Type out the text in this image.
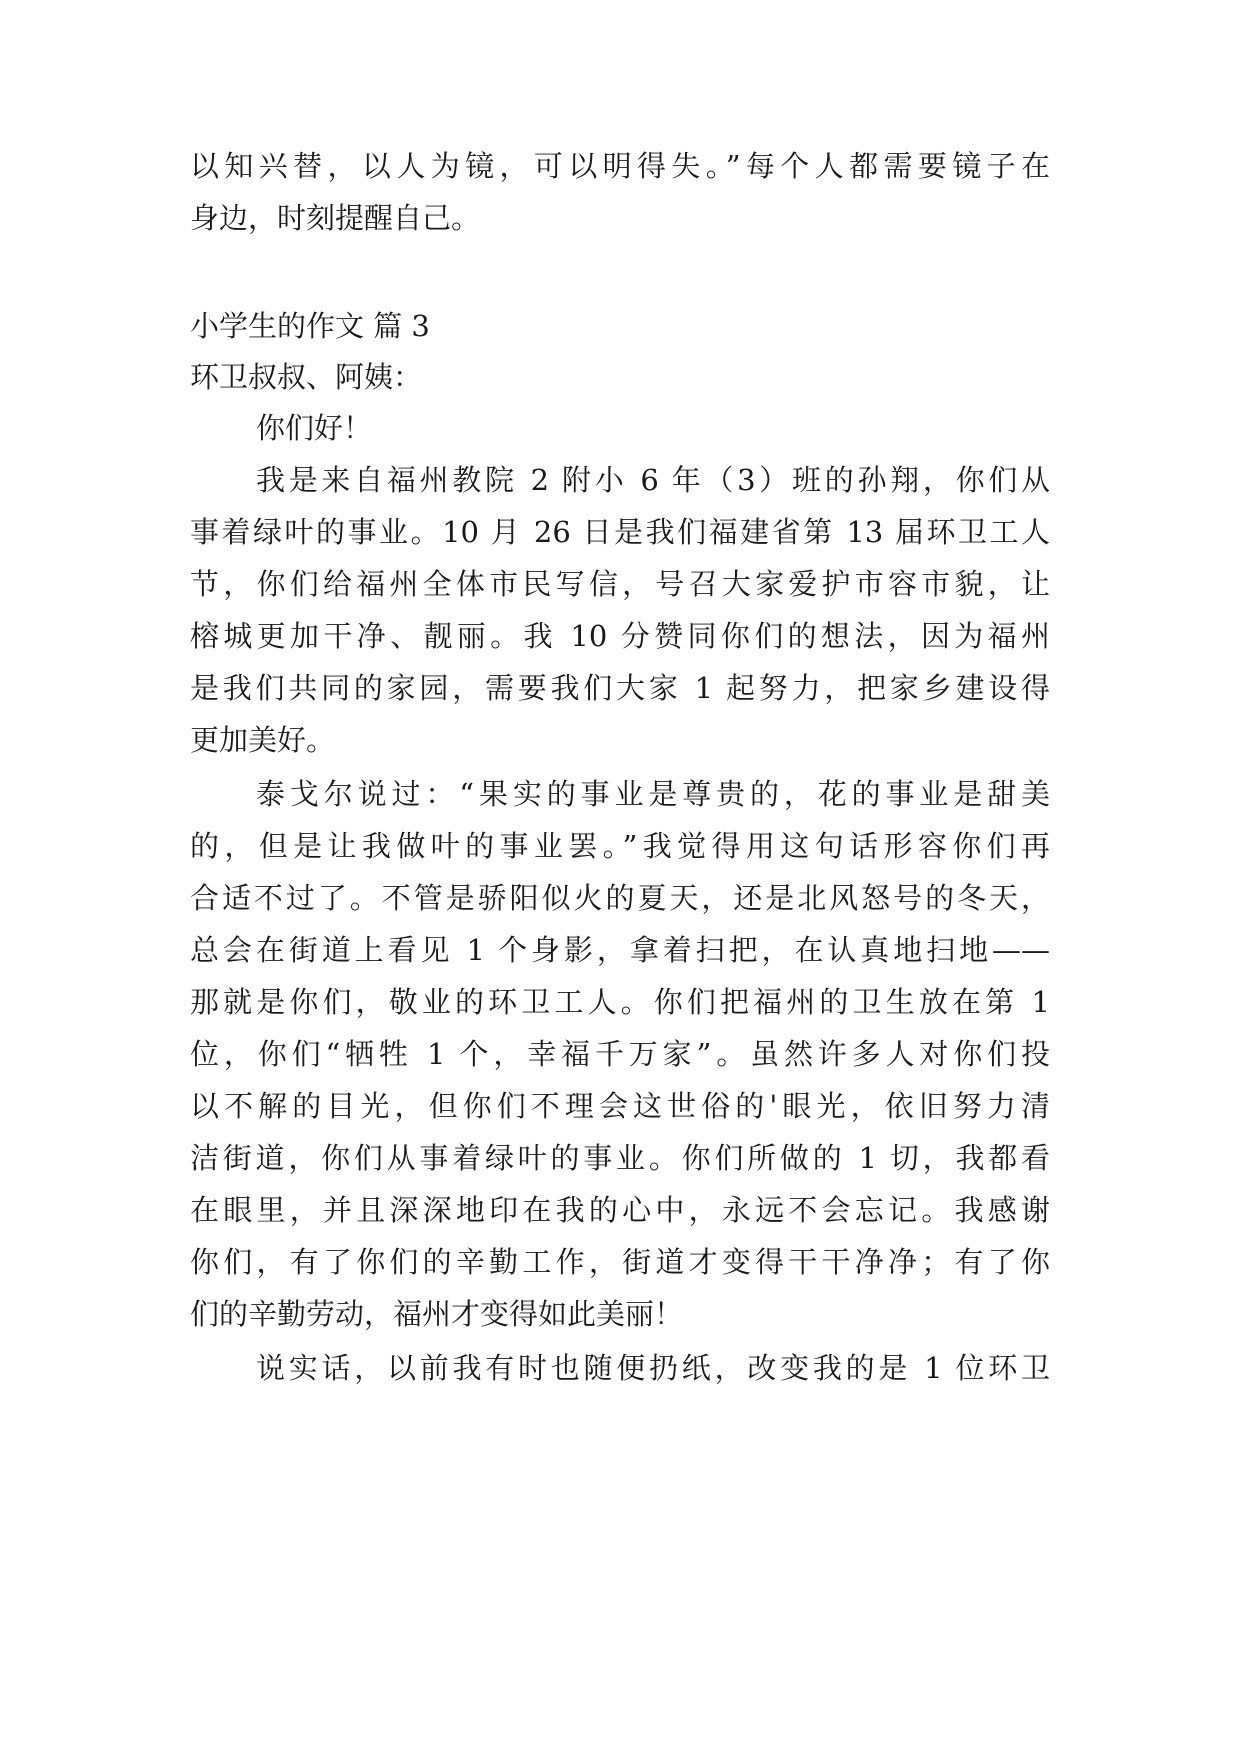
以知兴替，以人为镜，可以明得失。”每个人都需要镜子在
身边，时刻提醒自己。
小学生的作文 篇 3
环卫叔叔、阿姨：
你们好！
我是来自福州教院 2 附小 6 年（3）班的孙翔，你们从
事着绿叶的事业。10 月 26 日是我们福建省第 13 届环卫工人
节，你们给福州全体市民写信，号召大家爱护市容市貌，让
榕城更加干净、靓丽。我 10 分赞同你们的想法，因为福州
是我们共同的家园，需要我们大家 1 起努力，把家乡建设得
更加美好。
泰戈尔说过：“果实的事业是尊贵的，花的事业是甜美
的，但是让我做叶的事业罢。”我觉得用这句话形容你们再
合适不过了。不管是骄阳似火的夏天，还是北风怒号的冬天，
总会在街道上看见 1 个身影，拿着扫把，在认真地扫地——
那就是你们，敬业的环卫工人。你们把福州的卫生放在第 1
位，你们“牺牲 1 个，幸福千万家”。虽然许多人对你们投
以不解的目光，但你们不理会这世俗的'眼光，依旧努力清
洁街道，你们从事着绿叶的事业。你们所做的 1 切，我都看
在眼里，并且深深地印在我的心中，永远不会忘记。我感谢
你们，有了你们的辛勤工作，街道才变得干干净净；有了你
们的辛勤劳动，福州才变得如此美丽！
说实话，以前我有时也随便扔纸，改变我的是 1 位环卫
